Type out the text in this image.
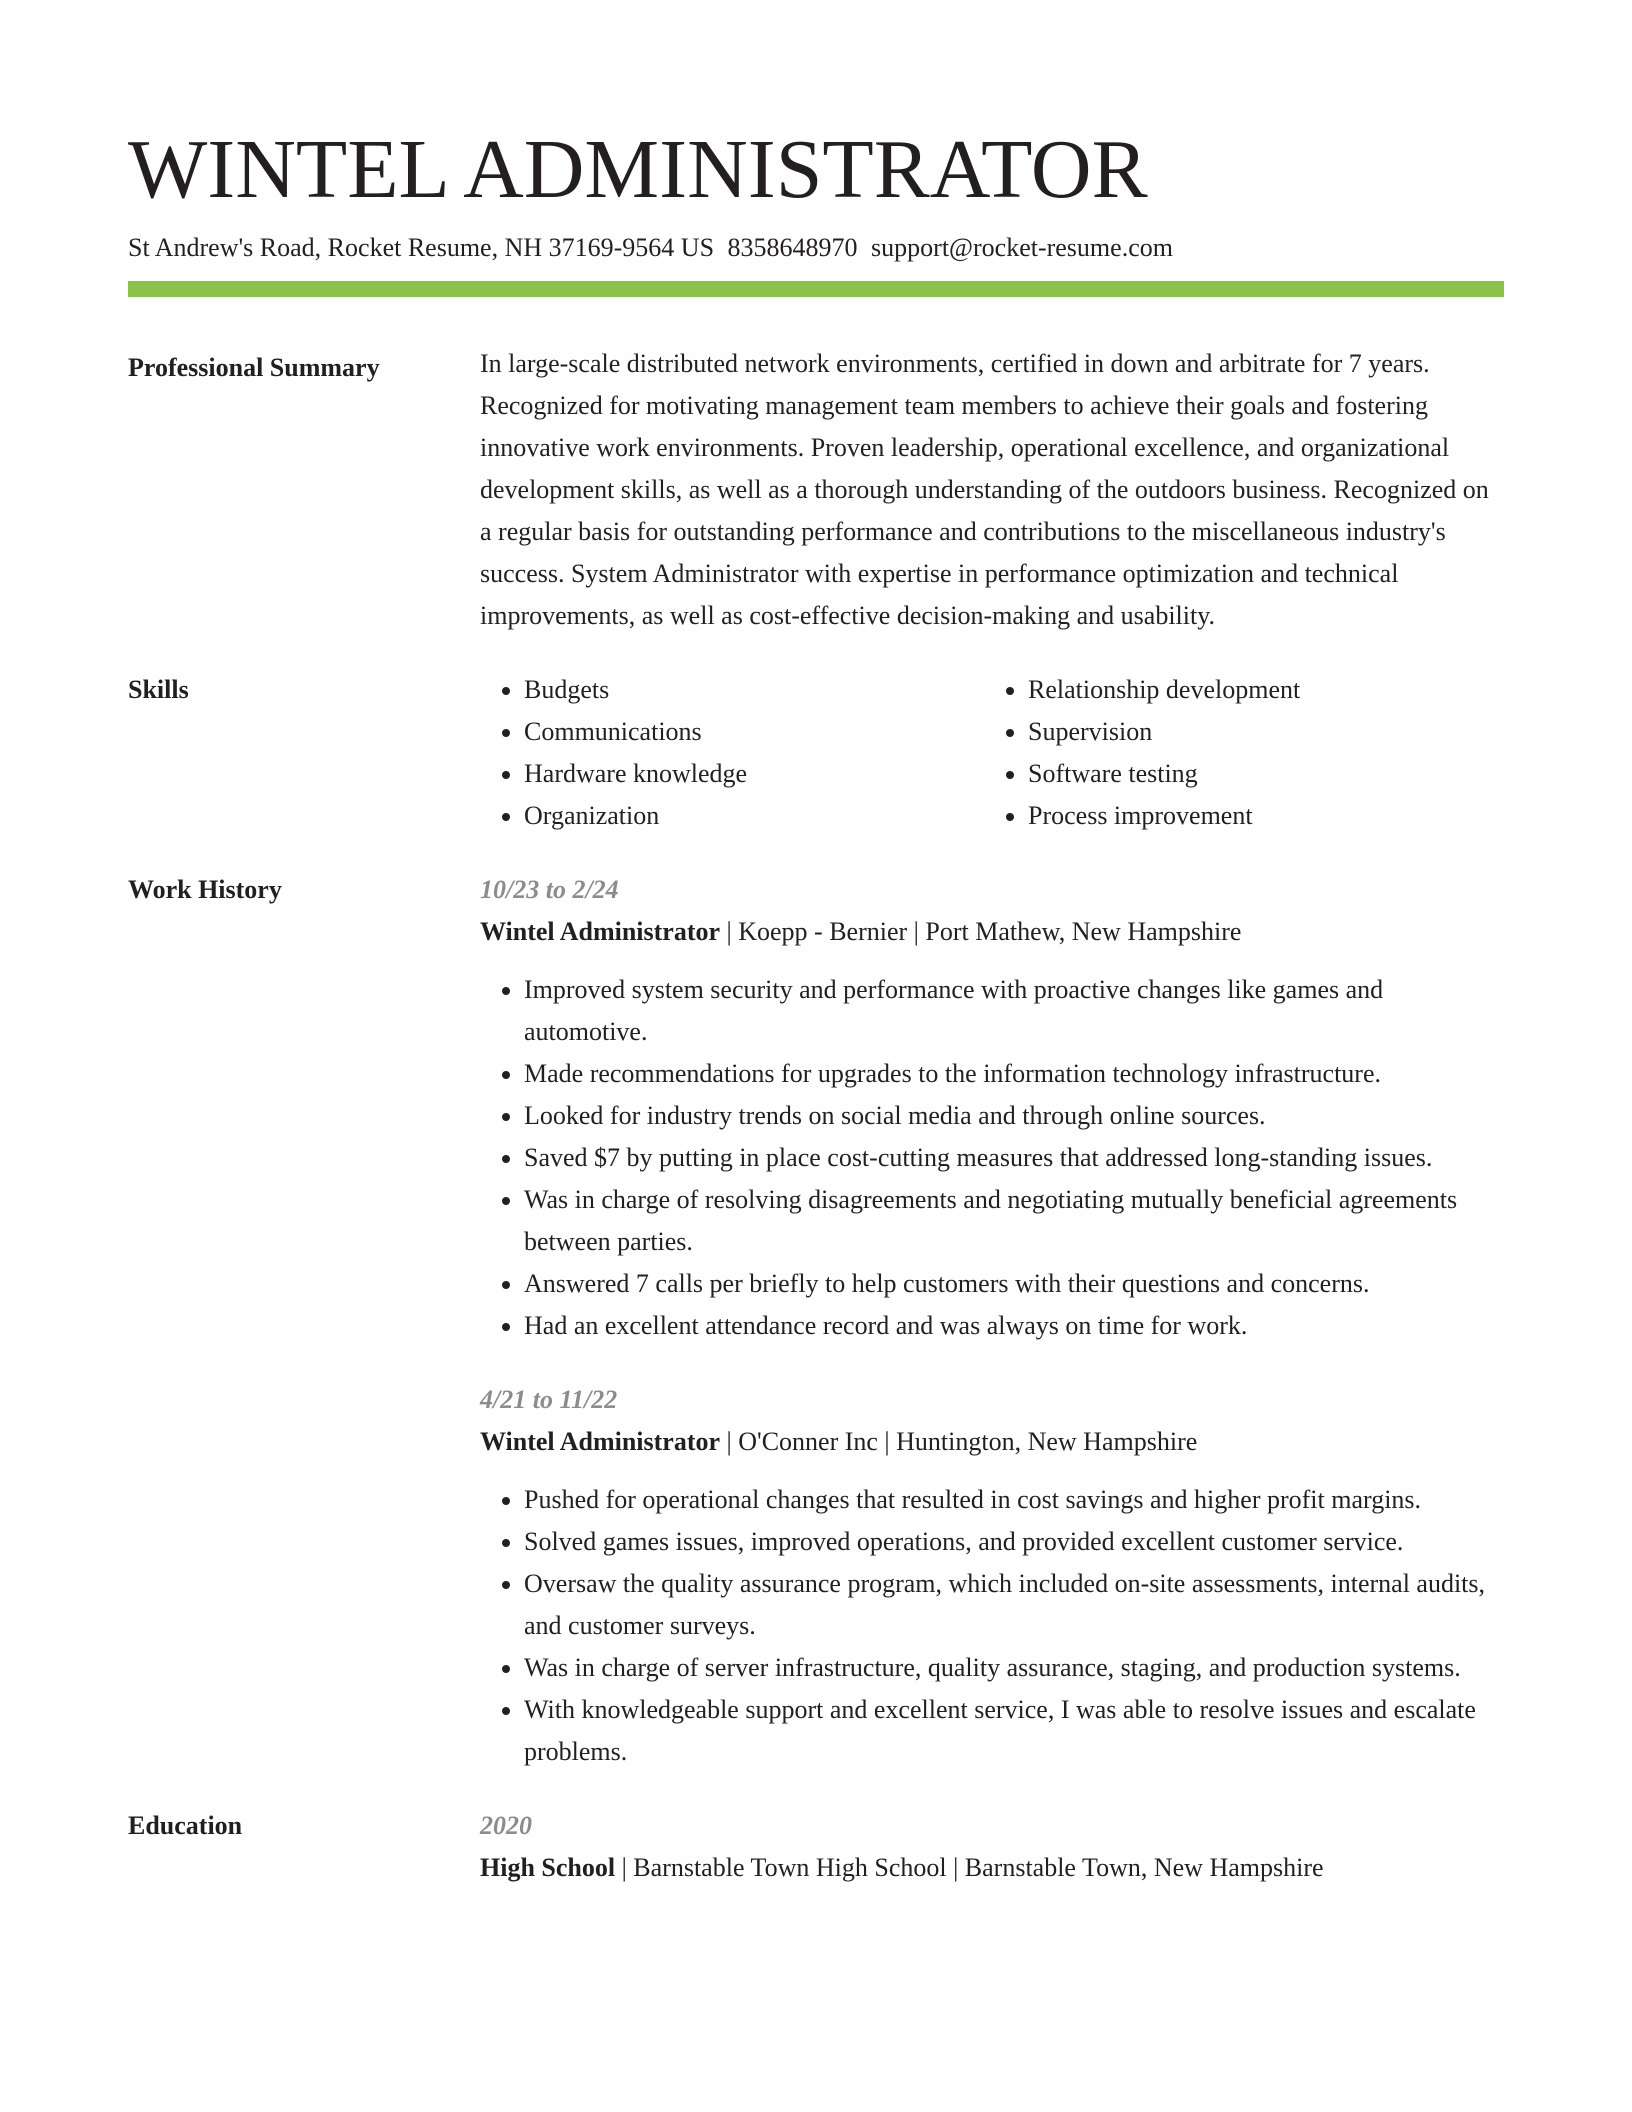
WINTEL ADMINISTRATOR
St Andrew's Road, Rocket Resume, NH 37169-9564 US 8358648970 support@rocket-resume.com
Professional Summary	In large-scale distributed network environments, certified in down and arbitrate for 7 years. Recognized for motivating management team members to achieve their goals and fostering innovative work environments. Proven leadership, operational excellence, and organizational development skills, as well as a thorough understanding of the outdoors business. Recognized on a regular basis for outstanding performance and contributions to the miscellaneous industry's success. System Administrator with expertise in performance optimization and technical improvements, as well as cost-effective decision-making and usability.

Skills
•	Budgets
• Communications
• Hardware knowledge
• Organization
• Relationship development
• Supervision
• Software testing
• Process improvement
Work History	10/23 to 2/24
Wintel Administrator | Koepp - Bernier | Port Mathew, New Hampshire
• Improved system security and performance with proactive changes like games and automotive.
• Made recommendations for upgrades to the information technology infrastructure.
• Looked for industry trends on social media and through online sources.
• Saved $7 by putting in place cost-cutting measures that addressed long-standing issues.
• Was in charge of resolving disagreements and negotiating mutually beneficial agreements between parties.
• Answered 7 calls per briefly to help customers with their questions and concerns.
• Had an excellent attendance record and was always on time for work.
4/21 to 11/22
Wintel Administrator | O'Conner Inc | Huntington, New Hampshire
• Pushed for operational changes that resulted in cost savings and higher profit margins.
• Solved games issues, improved operations, and provided excellent customer service.
• Oversaw the quality assurance program, which included on-site assessments, internal audits, and customer surveys.
• Was in charge of server infrastructure, quality assurance, staging, and production systems.
• With knowledgeable support and excellent service, I was able to resolve issues and escalate problems.
Education	2020
High School | Barnstable Town High School | Barnstable Town, New Hampshire
